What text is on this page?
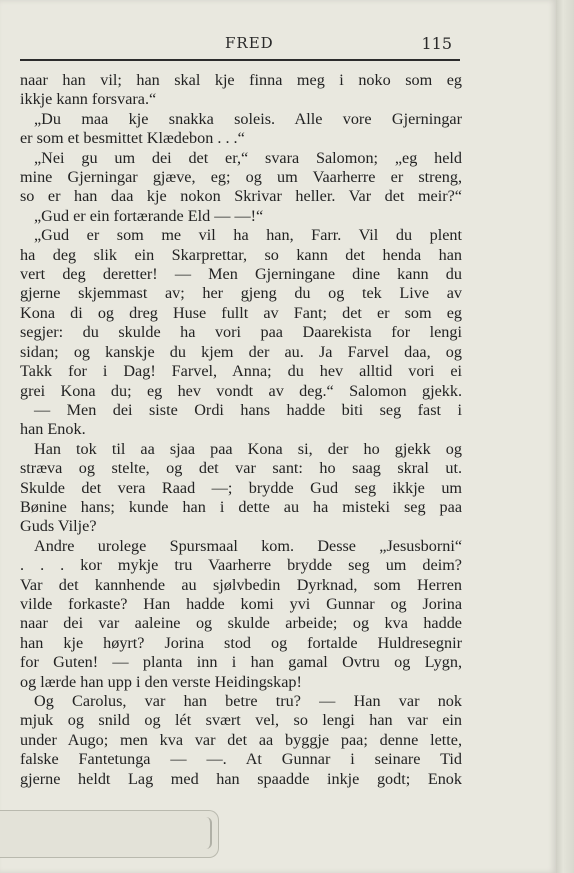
FRED	115
naar han vil; han skal kje finna meg i noko som eg
ikkje kann forsvara.“
„Du maa kje snakka soleis. Alle vore Gjerningar
er som et besmittet Klædebon . . .“
„Nei gu um dei det er,“ svara Salomon; „eg held
mine Gjerningar gjæve, eg; og um Vaarherre er streng,
so er han daa kje nokon Skrivar heller. Var det meir?“
„Gud er ein fortærande Eld — —!“
„Gud er som me vil ha han, Farr. Vil du plent
ha deg slik ein Skarprettar, so kann det henda han
vert deg deretter! — Men Gjerningane dine kann du
gjerne skjemmast av; her gjeng du og tek Live av
Kona di og dreg Huse fullt av Fant; det er som eg
segjer: du skulde ha vori paa Daarekista for lengi
sidan; og kanskje du kjem der au. Ja Farvel daa, og
Takk for i Dag! Farvel, Anna; du hev alltid vori ei
grei Kona du; eg hev vondt av deg.“ Salomon gjekk.
— Men dei siste Ordi hans hadde biti seg fast i
han Enok.
Han tok til aa sjaa paa Kona si, der ho gjekk og
stræva og stelte, og det var sant: ho saag skral ut.
Skulde det vera Raad —; brydde Gud seg ikkje um
Bønine hans; kunde han i dette au ha misteki seg paa
Guds Vilje?
Andre urolege Spursmaal kom. Desse „Jesusborni“
. . . kor mykje tru Vaarherre brydde seg um deim?
Var det kannhende au sjølvbedin Dyrknad, som Herren
vilde forkaste? Han hadde komi yvi Gunnar og Jorina
naar dei var aaleine og skulde arbeide; og kva hadde
han kje høyrt? Jorina stod og fortalde Huldresegnir
for Guten! — planta inn i han gamal Ovtru og Lygn,
og lærde han upp i den verste Heidingskap!
Og Carolus, var han betre tru? — Han var nok
mjuk og snild og lét svært vel, so lengi han var ein
under Augo; men kva var det aa byggje paa; denne lette,
falske Fantetunga — —. At Gunnar i seinare Tid
gjerne heldt Lag med han spaadde inkje godt; Enok
